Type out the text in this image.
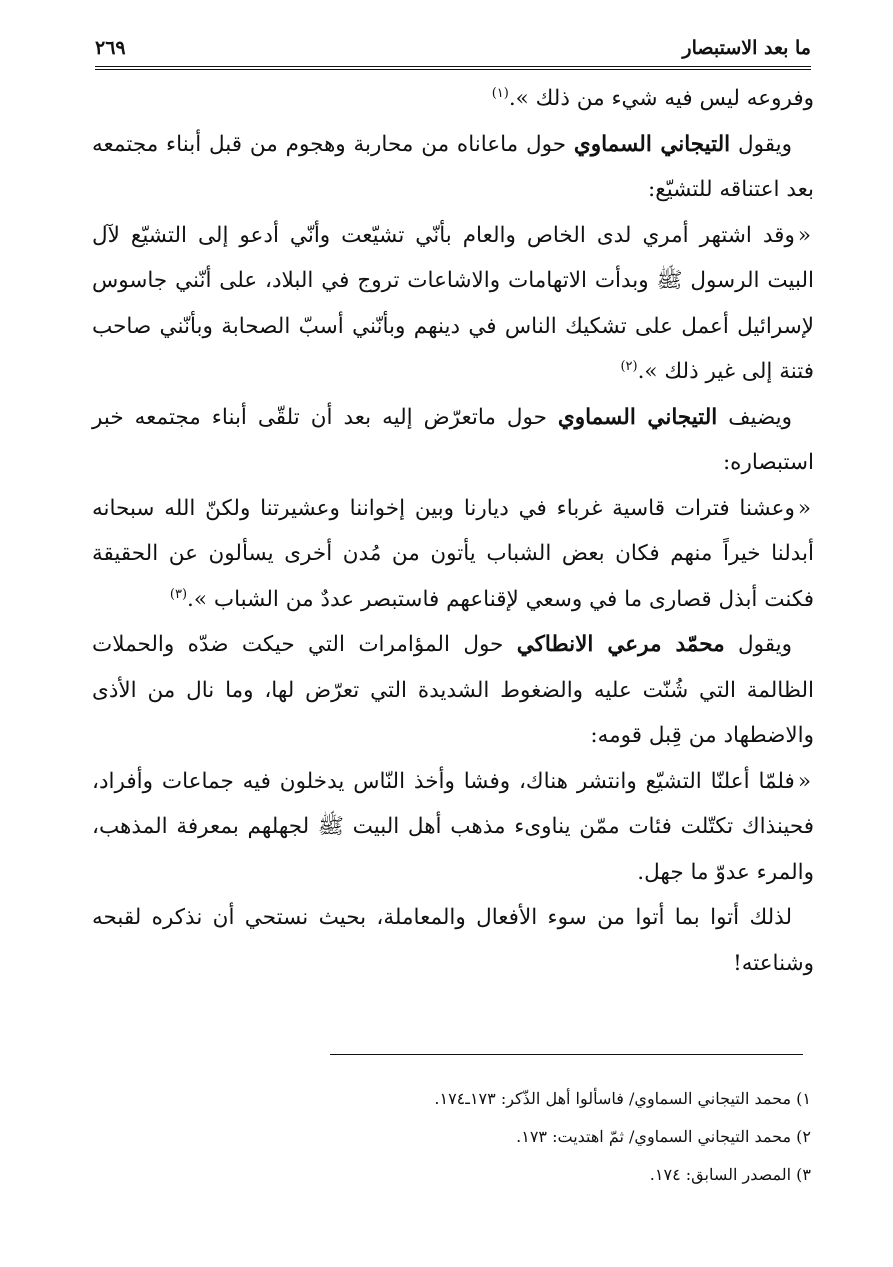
ما بعد الاستبصار
٢٦٩

وفروعه ليس فيه شيء من ذلك ».$^{(١)}$

ويقول التيجاني السماوي حول ماعاناه من محاربة وهجوم من قبل أبناء مجتمعه بعد اعتناقه للتشيّع:

«وقد اشتهر أمري لدى الخاص والعام بأنّي تشيّعت وأنّي أدعو إلى التشيّع لآل البيت الرسول ﷺ وبدأت الاتهامات والاشاعات تروج في البلاد، على أنّني جاسوس لإسرائيل أعمل على تشكيك الناس في دينهم وبأنّني أسبّ الصحابة وبأنّني صاحب فتنة إلى غير ذلك ».$^{(٢)}$

ويضيف التيجاني السماوي حول ماتعرّض إليه بعد أن تلقّى أبناء مجتمعه خبر استبصاره:

«وعشنا فترات قاسية غرباء في ديارنا وبين إخواننا وعشيرتنا ولكنّ الله سبحانه أبدلنا خيراً منهم فكان بعض الشباب يأتون من مُدن أخرى يسألون عن الحقيقة فكنت أبذل قصارى ما في وسعي لإقناعهم فاستبصر عددٌ من الشباب ».$^{(٣)}$

ويقول محمّد مرعي الانطاكي حول المؤامرات التي حيكت ضدّه والحملات الظالمة التي شُنّت عليه والضغوط الشديدة التي تعرّض لها، وما نال من الأذى والاضطهاد من قِبل قومه:

«فلمّا أعلنّا التشيّع وانتشر هناك، وفشا وأخذ النّاس يدخلون فيه جماعات وأفراد، فحينذاك تكتّلت فئات ممّن يناوىء مذهب أهل البيت ﷺ لجهلهم بمعرفة المذهب، والمرء عدوّ ما جهل.

لذلك أتوا بما أتوا من سوء الأفعال والمعاملة، بحيث نستحي أن نذكره لقبحه وشناعته!

١) محمد التيجاني السماوي/ فاسألوا أهل الذّكر: ١٧٣ـ١٧٤.

٢) محمد التيجاني السماوي/ ثمّ اهتديت: ١٧٣.

٣) المصدر السابق: ١٧٤.
